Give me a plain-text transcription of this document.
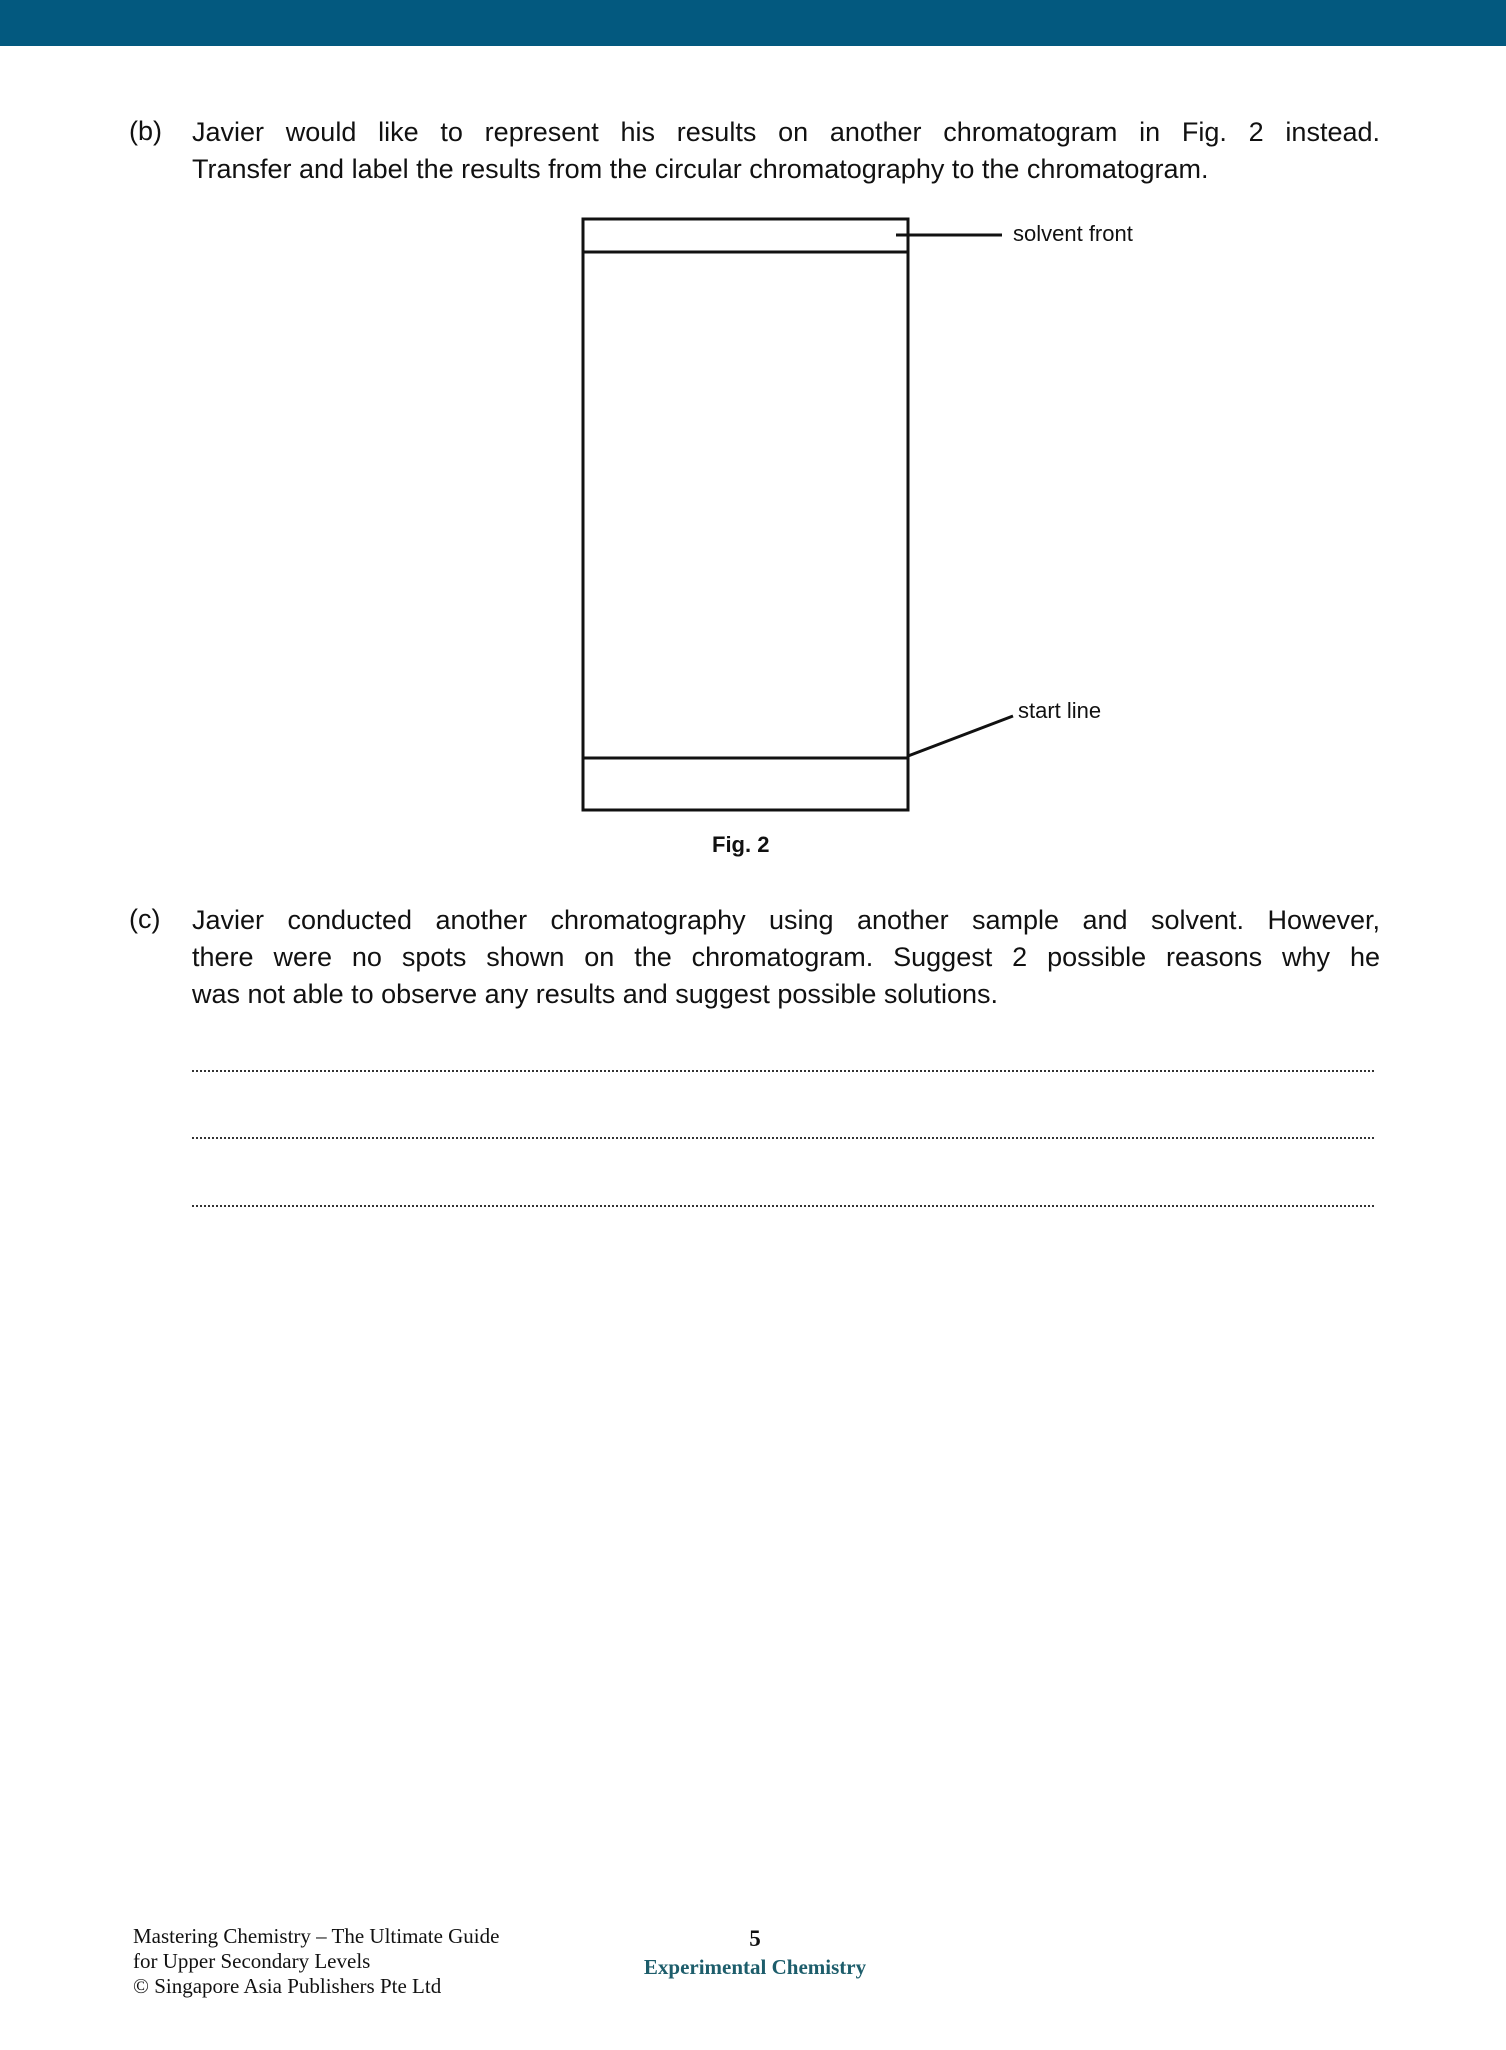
(b) Javier would like to represent his results on another chromatogram in Fig. 2 instead.
Transfer and label the results from the circular chromatography to the chromatogram.
solvent front
start line
Fig. 2
(c) Javier conducted another chromatography using another sample and solvent. However,
there were no spots shown on the chromatogram. Suggest 2 possible reasons why he
was not able to observe any results and suggest possible solutions.
Mastering Chemistry – The Ultimate Guide
for Upper Secondary Levels
© Singapore Asia Publishers Pte Ltd
5
Experimental Chemistry
